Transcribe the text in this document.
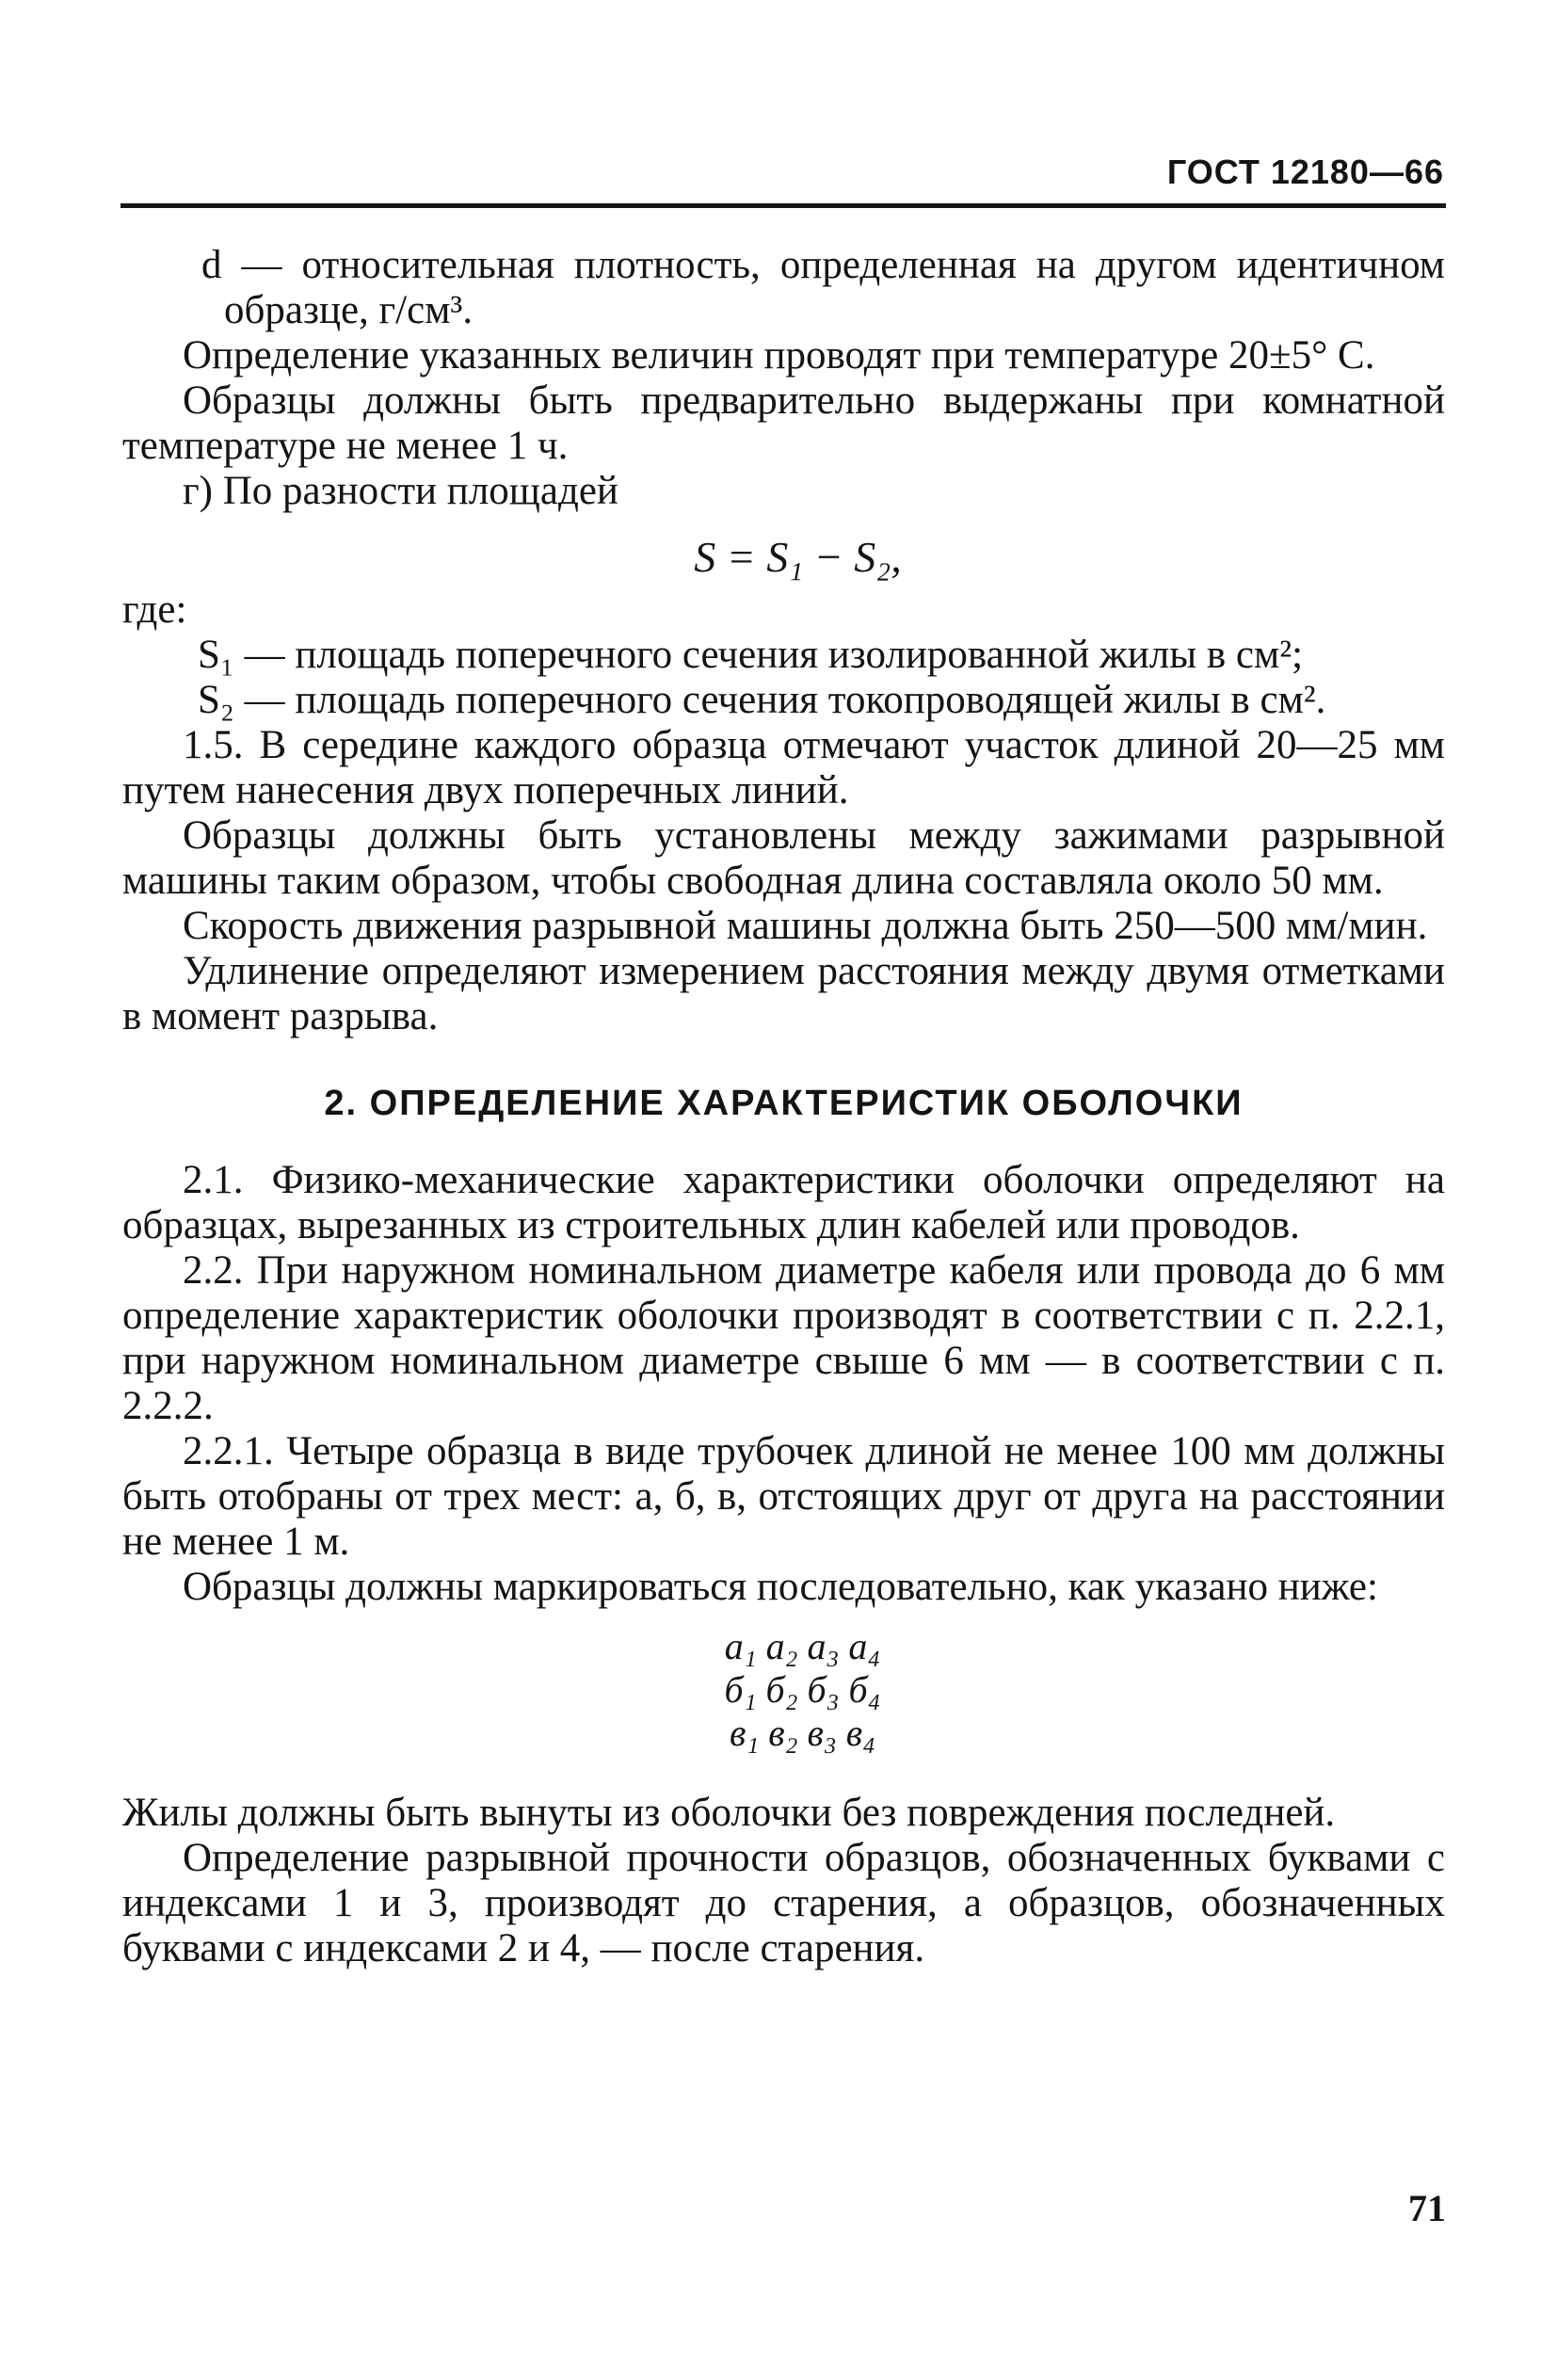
ГОСТ 12180—66

d — относительная плотность, определенная на другом идентичном образце, г/см³.

Определение указанных величин проводят при температуре 20±5° С.

Образцы должны быть предварительно выдержаны при комнатной температуре не менее 1 ч.

г) По разности площадей

S = S₁ − S₂,

где:

S₁ — площадь поперечного сечения изолированной жилы в см²;

S₂ — площадь поперечного сечения токопроводящей жилы в см².

1.5. В середине каждого образца отмечают участок длиной 20—25 мм путем нанесения двух поперечных линий.

Образцы должны быть установлены между зажимами разрывной машины таким образом, чтобы свободная длина составляла около 50 мм.

Скорость движения разрывной машины должна быть 250—500 мм/мин.

Удлинение определяют измерением расстояния между двумя отметками в момент разрыва.

2. ОПРЕДЕЛЕНИЕ ХАРАКТЕРИСТИК ОБОЛОЧКИ

2.1. Физико-механические характеристики оболочки определяют на образцах, вырезанных из строительных длин кабелей или проводов.

2.2. При наружном номинальном диаметре кабеля или провода до 6 мм определение характеристик оболочки производят в соответствии с п. 2.2.1, при наружном номинальном диаметре свыше 6 мм — в соответствии с п. 2.2.2.

2.2.1. Четыре образца в виде трубочек длиной не менее 100 мм должны быть отобраны от трех мест: а, б, в, отстоящих друг от друга на расстоянии не менее 1 м.

Образцы должны маркироваться последовательно, как указано ниже:

а₁ а₂ а₃ а₄
б₁ б₂ б₃ б₄
в₁ в₂ в₃ в₄

Жилы должны быть вынуты из оболочки без повреждения последней.

Определение разрывной прочности образцов, обозначенных буквами с индексами 1 и 3, производят до старения, а образцов, обозначенных буквами с индексами 2 и 4, — после старения.

71
